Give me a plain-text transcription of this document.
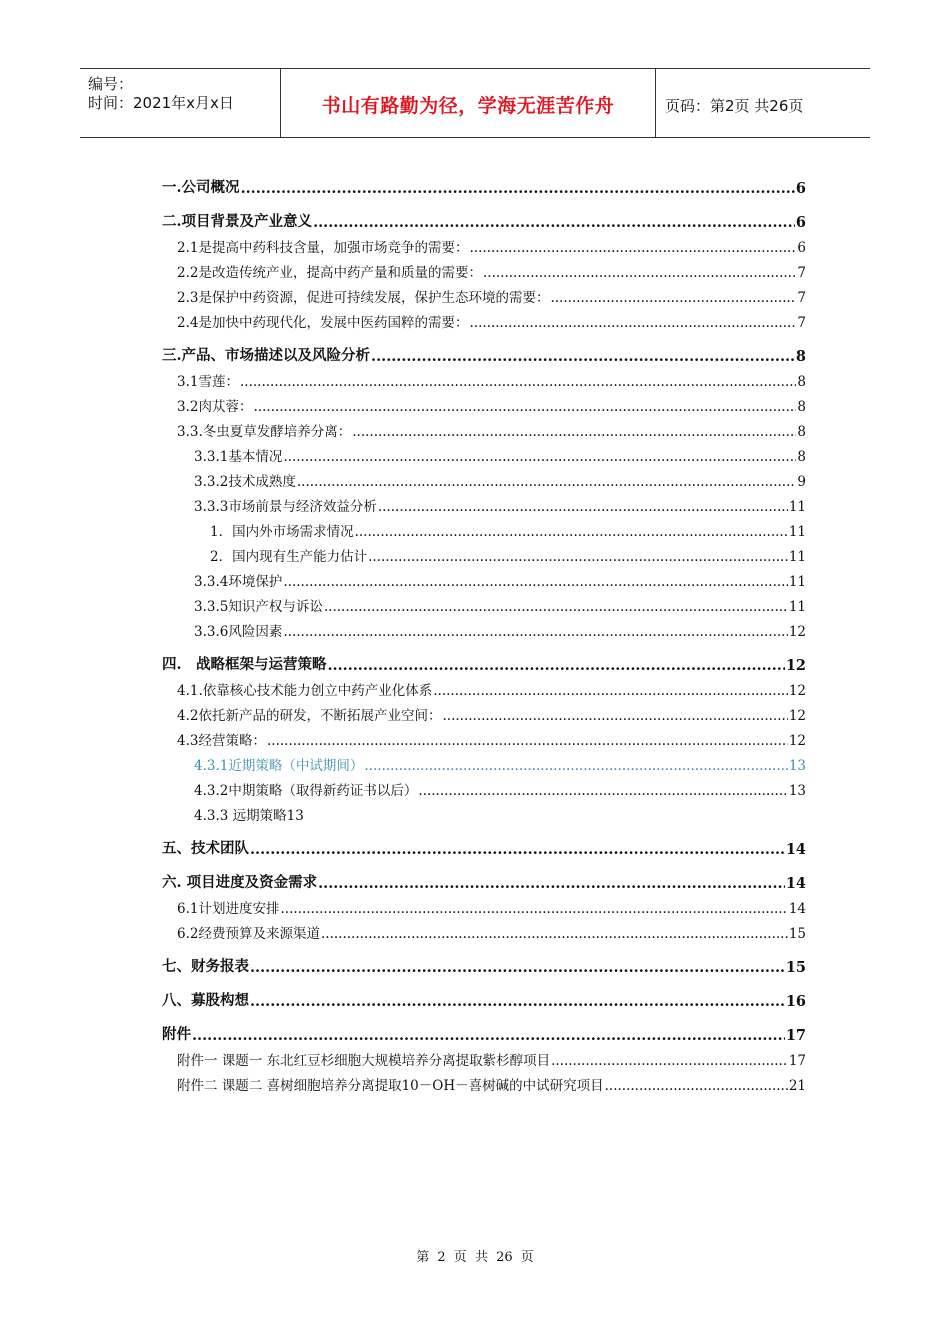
编号：
时间：2021年x月x日	书山有路勤为径，学海无涯苦作舟	页码：第2页 共26页
一.公司概况 .....	6
二.项目背景及产业意义 .....	6
2.1是提高中药科技含量，加强市场竞争的需要： .....	6
2.2是改造传统产业，提高中药产量和质量的需要： .....	7
2.3是保护中药资源，促进可持续发展，保护生态环境的需要： .....	7
2.4是加快中药现代化，发展中医药国粹的需要： .....	7
三.产品、市场描述以及风险分析 .....	8
3.1雪莲： .....	8
3.2肉苁蓉： .....	8
3.3.冬虫夏草发酵培养分离： .....	8
3.3.1基本情况 .....	8
3.3.2技术成熟度 .....	9
3.3.3市场前景与经济效益分析 .....	11
1．国内外市场需求情况 .....	11
2．国内现有生产能力估计 .....	11
3.3.4环境保护 .....	11
3.3.5知识产权与诉讼 .....	11
3.3.6风险因素 .....	12
四. 战略框架与运营策略 .....	12
4.1.依靠核心技术能力创立中药产业化体系 .....	12
4.2依托新产品的研发，不断拓展产业空间： .....	12
4.3经营策略： .....	12
4.3.1近期策略（中试期间） .....	13
4.3.2中期策略（取得新药证书以后） .....	13
4.3.3 远期策略13
五、技术团队 .....	14
六. 项目进度及资金需求 .....	14
6.1计划进度安排 .....	14
6.2经费预算及来源渠道 .....	15
七、财务报表 .....	15
八、募股构想 .....	16
附件 .....	17
附件一 课题一 东北红豆杉细胞大规模培养分离提取紫杉醇项目 .....	17
附件二 课题二 喜树细胞培养分离提取10－OH－喜树碱的中试研究项目 .....	21
第 2 页 共 26 页
